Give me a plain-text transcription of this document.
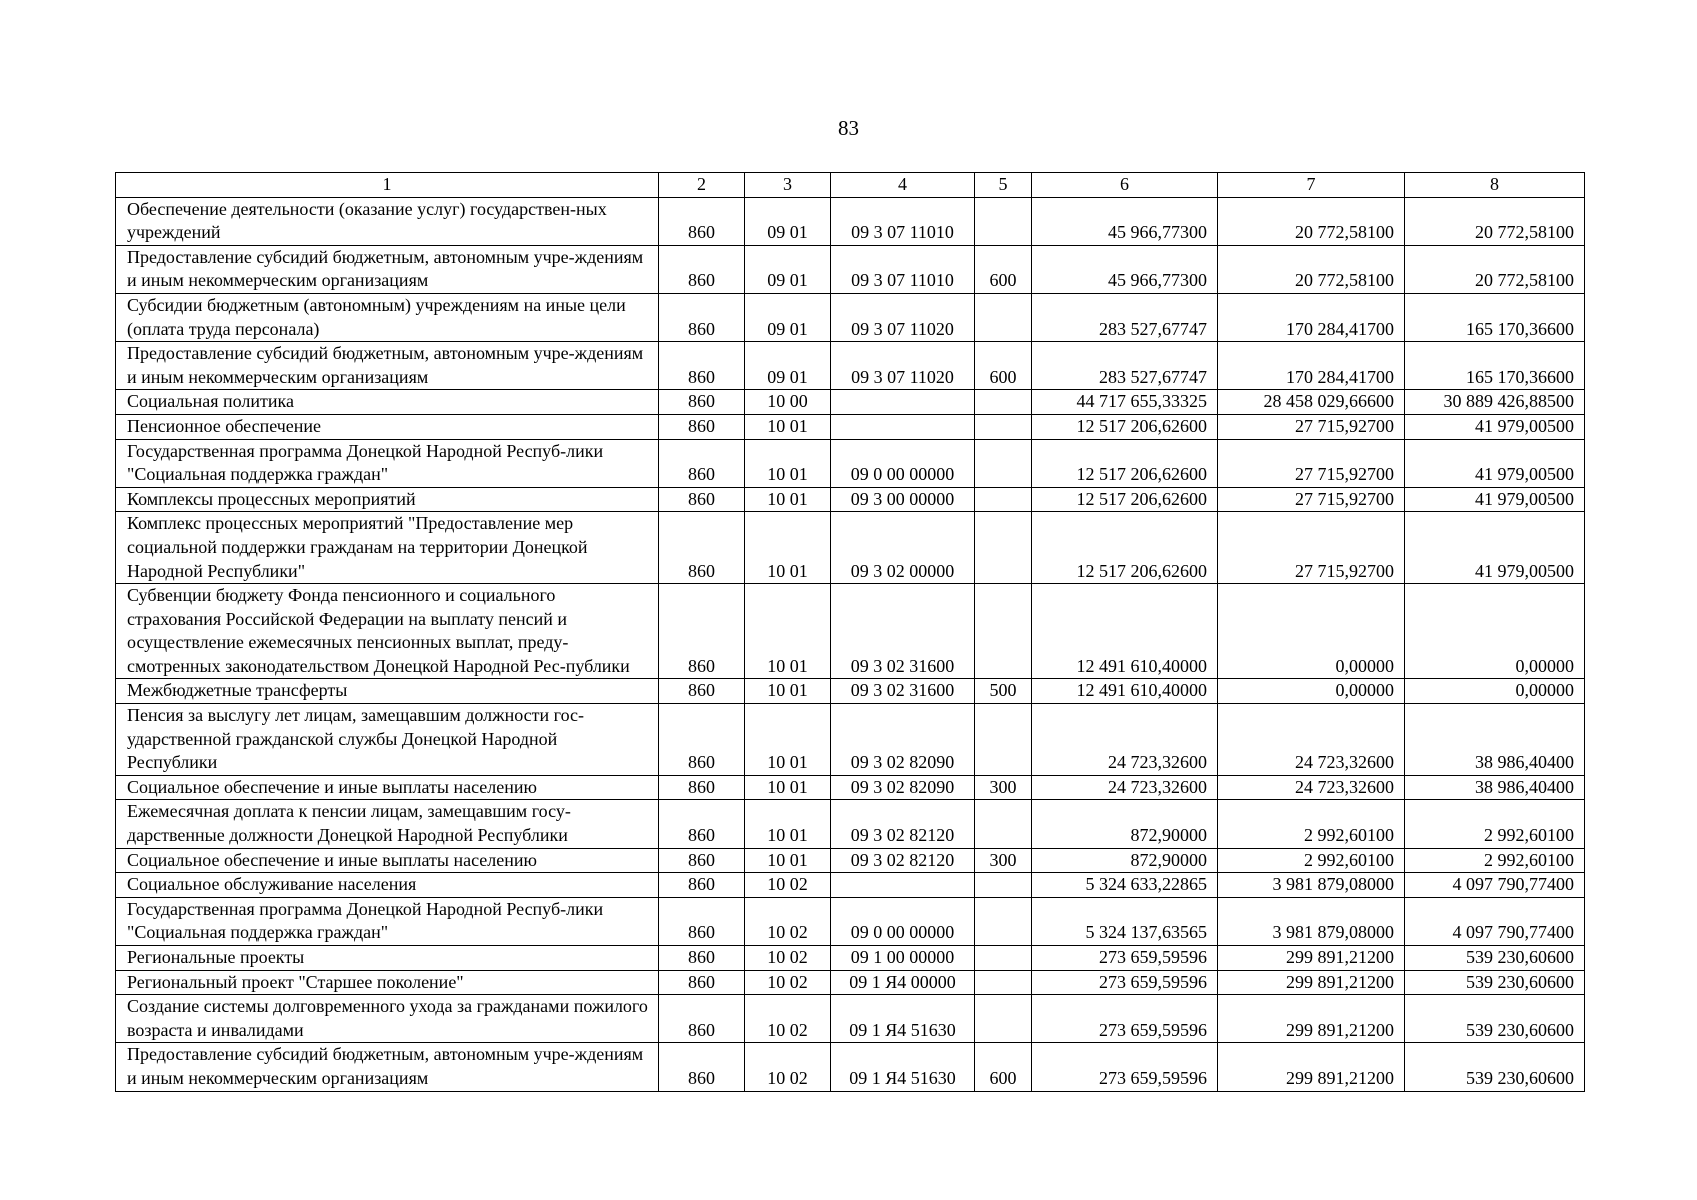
83
1	2	3	4	5	6	7	8
Обеспечение деятельности (оказание услуг) государствен-ных учреждений	860	09 01	09 3 07 11010		45 966,77300	20 772,58100	20 772,58100
Предоставление субсидий бюджетным, автономным учре-ждениям и иным некоммерческим организациям	860	09 01	09 3 07 11010	600	45 966,77300	20 772,58100	20 772,58100
Субсидии бюджетным (автономным) учреждениям на иные цели (оплата труда персонала)	860	09 01	09 3 07 11020		283 527,67747	170 284,41700	165 170,36600
Предоставление субсидий бюджетным, автономным учре-ждениям и иным некоммерческим организациям	860	09 01	09 3 07 11020	600	283 527,67747	170 284,41700	165 170,36600
Социальная политика	860	10 00			44 717 655,33325	28 458 029,66600	30 889 426,88500
Пенсионное обеспечение	860	10 01			12 517 206,62600	27 715,92700	41 979,00500
Государственная программа Донецкой Народной Респуб-лики "Социальная поддержка граждан"	860	10 01	09 0 00 00000		12 517 206,62600	27 715,92700	41 979,00500
Комплексы процессных мероприятий	860	10 01	09 3 00 00000		12 517 206,62600	27 715,92700	41 979,00500
Комплекс процессных мероприятий "Предоставление мер социальной поддержки гражданам на территории Донецкой Народной Республики"	860	10 01	09 3 02 00000		12 517 206,62600	27 715,92700	41 979,00500
Субвенции бюджету Фонда пенсионного и социального страхования Российской Федерации на выплату пенсий и осуществление ежемесячных пенсионных выплат, преду-смотренных законодательством Донецкой Народной Рес-публики	860	10 01	09 3 02 31600		12 491 610,40000	0,00000	0,00000
Межбюджетные трансферты	860	10 01	09 3 02 31600	500	12 491 610,40000	0,00000	0,00000
Пенсия за выслугу лет лицам, замещавшим должности гос-ударственной гражданской службы Донецкой Народной Республики	860	10 01	09 3 02 82090		24 723,32600	24 723,32600	38 986,40400
Социальное обеспечение и иные выплаты населению	860	10 01	09 3 02 82090	300	24 723,32600	24 723,32600	38 986,40400
Ежемесячная доплата к пенсии лицам, замещавшим госу-дарственные должности Донецкой Народной Республики	860	10 01	09 3 02 82120		872,90000	2 992,60100	2 992,60100
Социальное обеспечение и иные выплаты населению	860	10 01	09 3 02 82120	300	872,90000	2 992,60100	2 992,60100
Социальное обслуживание населения	860	10 02			5 324 633,22865	3 981 879,08000	4 097 790,77400
Государственная программа Донецкой Народной Респуб-лики "Социальная поддержка граждан"	860	10 02	09 0 00 00000		5 324 137,63565	3 981 879,08000	4 097 790,77400
Региональные проекты	860	10 02	09 1 00 00000		273 659,59596	299 891,21200	539 230,60600
Региональный проект "Старшее поколение"	860	10 02	09 1 Я4 00000		273 659,59596	299 891,21200	539 230,60600
Создание системы долговременного ухода за гражданами пожилого возраста и инвалидами	860	10 02	09 1 Я4 51630		273 659,59596	299 891,21200	539 230,60600
Предоставление субсидий бюджетным, автономным учре-ждениям и иным некоммерческим организациям	860	10 02	09 1 Я4 51630	600	273 659,59596	299 891,21200	539 230,60600
